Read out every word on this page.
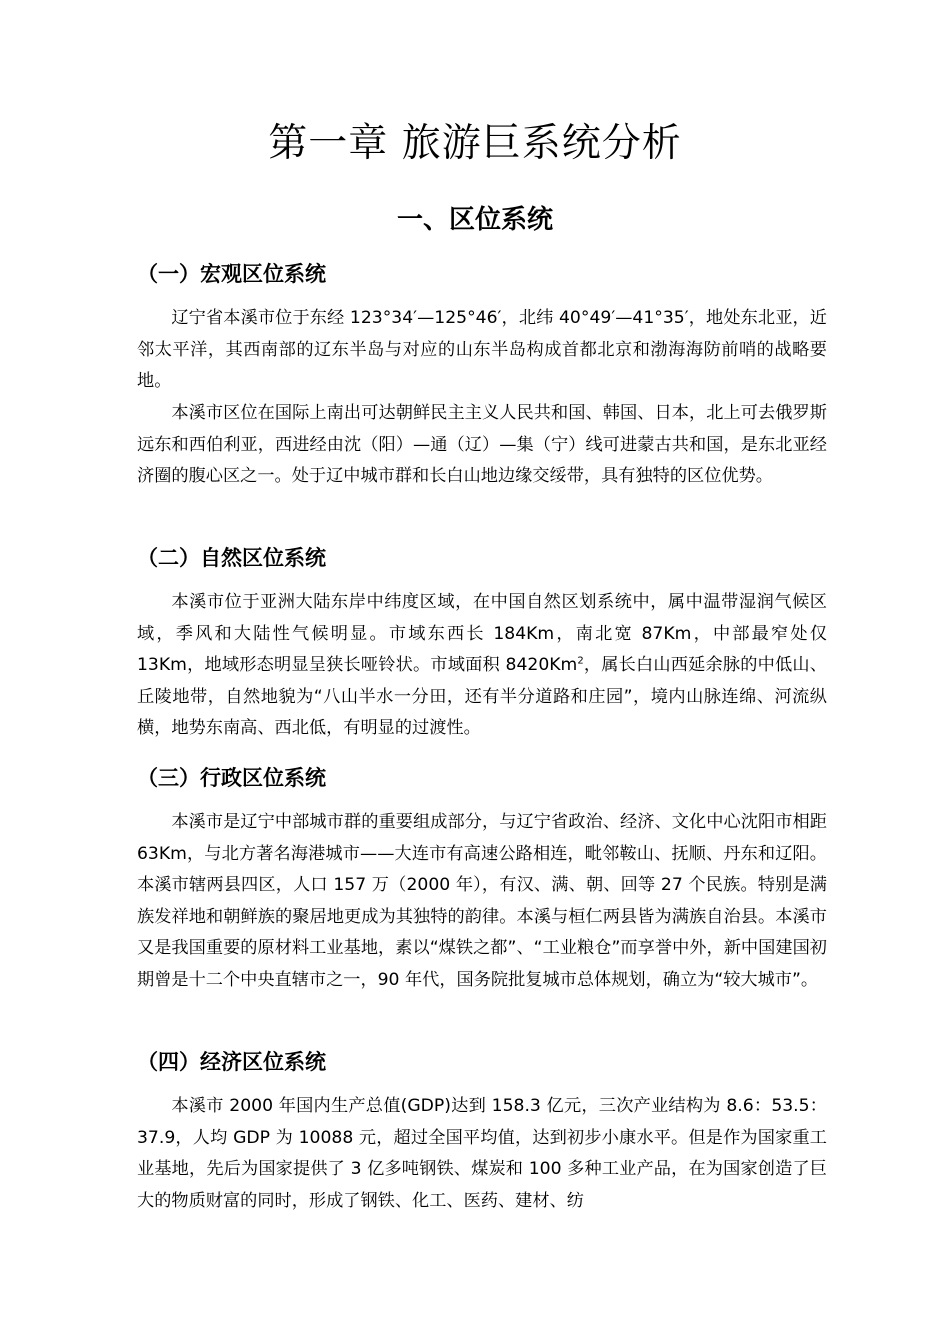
第一章 旅游巨系统分析
一、区位系统
（一）宏观区位系统

辽宁省本溪市位于东经 123°34′—125°46′，北纬 40°49′—41°35′，地处东北亚，近邻太平洋，其西南部的辽东半岛与对应的山东半岛构成首都北京和渤海海防前哨的战略要地。

本溪市区位在国际上南出可达朝鲜民主主义人民共和国、韩国、日本，北上可去俄罗斯远东和西伯利亚，西进经由沈（阳）—通（辽）—集（宁）线可进蒙古共和国，是东北亚经济圈的腹心区之一。处于辽中城市群和长白山地边缘交绥带，具有独特的区位优势。

（二）自然区位系统

本溪市位于亚洲大陆东岸中纬度区域，在中国自然区划系统中，属中温带湿润气候区域，季风和大陆性气候明显。市域东西长 184Km，南北宽 87Km，中部最窄处仅 13Km，地域形态明显呈狭长哑铃状。市域面积 8420Km$^2$，属长白山西延余脉的中低山、丘陵地带，自然地貌为“八山半水一分田，还有半分道路和庄园”，境内山脉连绵、河流纵横，地势东南高、西北低，有明显的过渡性。

（三）行政区位系统

本溪市是辽宁中部城市群的重要组成部分，与辽宁省政治、经济、文化中心沈阳市相距 63Km，与北方著名海港城市——大连市有高速公路相连，毗邻鞍山、抚顺、丹东和辽阳。本溪市辖两县四区，人口 157 万（2000 年），有汉、满、朝、回等 27 个民族。特别是满族发祥地和朝鲜族的聚居地更成为其独特的韵律。本溪与桓仁两县皆为满族自治县。本溪市又是我国重要的原材料工业基地，素以“煤铁之都”、“工业粮仓”而享誉中外，新中国建国初期曾是十二个中央直辖市之一，90 年代，国务院批复城市总体规划，确立为“较大城市”。

（四）经济区位系统

本溪市 2000 年国内生产总值(GDP)达到 158.3 亿元，三次产业结构为 8.6：53.5：37.9，人均 GDP 为 10088 元，超过全国平均值，达到初步小康水平。但是作为国家重工业基地，先后为国家提供了 3 亿多吨钢铁、煤炭和 100 多种工业产品，在为国家创造了巨大的物质财富的同时，形成了钢铁、化工、医药、建材、纺
